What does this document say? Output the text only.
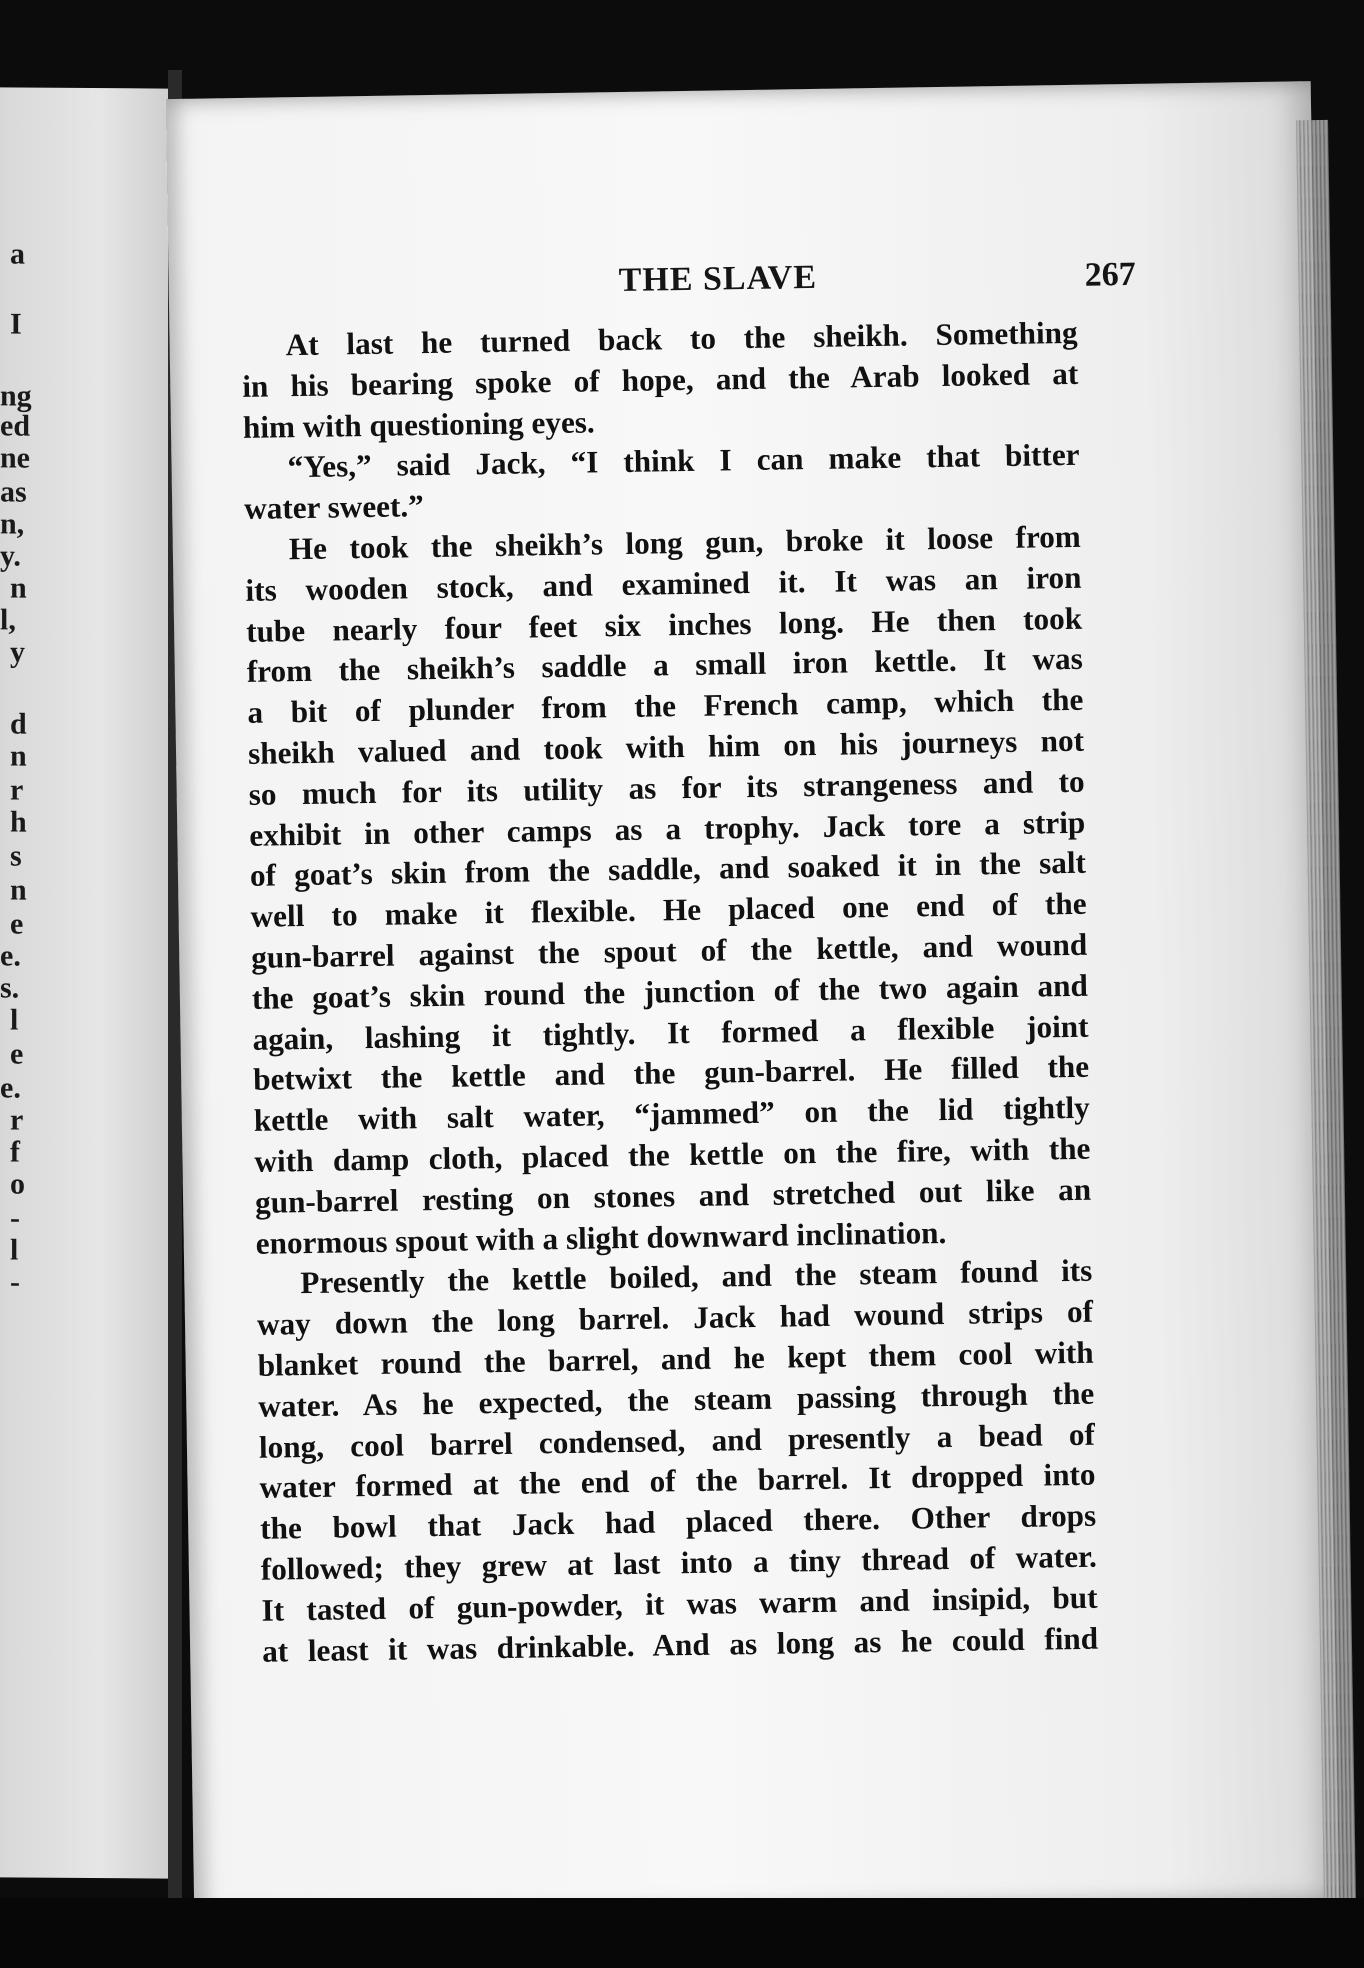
a
I
ng
ed
ne
as
n,
y.
n
l,
y
d
n
r
h
s
n
e
e.
s.
l
e
e.
r
f
o
-
l
-
THE SLAVE	267
At last he turned back to the sheikh. Something
in his bearing spoke of hope, and the Arab looked at
him with questioning eyes.
“Yes,” said Jack, “I think I can make that bitter
water sweet.”
He took the sheikh’s long gun, broke it loose from
its wooden stock, and examined it. It was an iron
tube nearly four feet six inches long. He then took
from the sheikh’s saddle a small iron kettle. It was
a bit of plunder from the French camp, which the
sheikh valued and took with him on his journeys not
so much for its utility as for its strangeness and to
exhibit in other camps as a trophy. Jack tore a strip
of goat’s skin from the saddle, and soaked it in the salt
well to make it flexible. He placed one end of the
gun-barrel against the spout of the kettle, and wound
the goat’s skin round the junction of the two again and
again, lashing it tightly. It formed a flexible joint
betwixt the kettle and the gun-barrel. He filled the
kettle with salt water, “jammed” on the lid tightly
with damp cloth, placed the kettle on the fire, with the
gun-barrel resting on stones and stretched out like an
enormous spout with a slight downward inclination.
Presently the kettle boiled, and the steam found its
way down the long barrel. Jack had wound strips of
blanket round the barrel, and he kept them cool with
water. As he expected, the steam passing through the
long, cool barrel condensed, and presently a bead of
water formed at the end of the barrel. It dropped into
the bowl that Jack had placed there. Other drops
followed; they grew at last into a tiny thread of water.
It tasted of gun-powder, it was warm and insipid, but
at least it was drinkable. And as long as he could find
